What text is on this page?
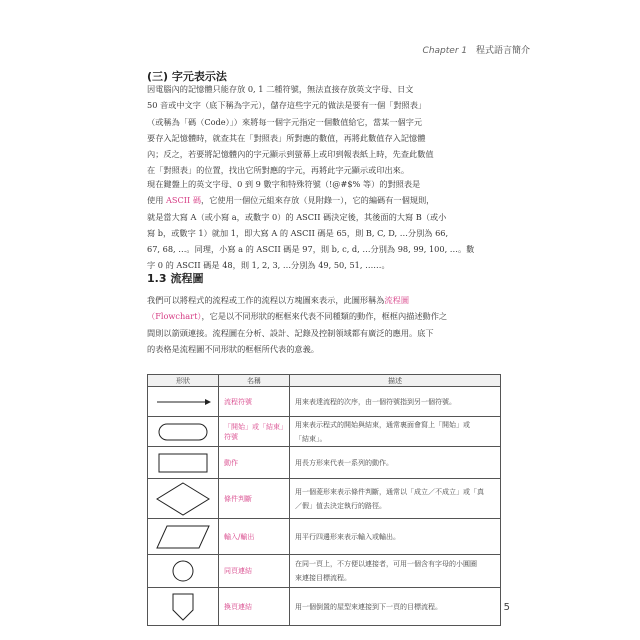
Chapter 1 程式語言簡介
(三) 字元表示法
因電腦內的記憶體只能存放 0, 1 二種符號，無法直接存放英文字母、日文
50 音或中文字（底下稱為字元），儲存這些字元的做法是要有一個「對照表」
（或稱為「碼（Code）」）來將每一個字元指定一個數值給它，當某一個字元
要存入記憶體時，就查其在「對照表」所對應的數值，再將此數值存入記憶體
內；反之，若要將記憶體內的字元顯示到螢幕上或印到報表紙上時，先查此數值
在「對照表」的位置，找出它所對應的字元，再將此字元顯示或印出來。
現在鍵盤上的英文字母、0 到 9 數字和特殊符號（!@#$% 等）的對照表是
使用 ASCII 碼，它使用一個位元組來存放（見附錄一），它的編碼有一個規則，
就是當大寫 A（或小寫 a，或數字 0）的 ASCII 碼決定後，其後面的大寫 B（或小
寫 b，或數字 1）就加 1，即大寫 A 的 ASCII 碼是 65，則 B, C, D, …分別為 66,
67, 68, …。同理，小寫 a 的 ASCII 碼是 97，則 b, c, d, …分別為 98, 99, 100, …。數
字 0 的 ASCII 碼是 48，則 1, 2, 3, …分別為 49, 50, 51, ……。
1.3 流程圖
我們可以將程式的流程或工作的流程以方塊圖來表示，此圖形稱為流程圖
（Flowchart），它是以不同形狀的框框來代表不同種類的動作，框框內描述動作之
間則以箭頭連接。流程圖在分析、設計、記錄及控制領域都有廣泛的應用。底下
的表格是流程圖不同形狀的框框所代表的意義。
形狀	名稱	描述

	流程符號	用來表達流程的次序，由一個符號指到另一個符號。

	「開始」或「結束」符號	用來表示程式的開始與結束，通常裏面會寫上「開始」或
「結束」。

	動作	用長方形來代表一系列的動作。

	條件判斷	用一個菱形來表示條件判斷，通常以「成立／不成立」或「真
／假」值去決定執行的路徑。

	輸入/輸出	用平行四邊形來表示輸入或輸出。

	同頁連結	在同一頁上，不方便以連接者，可用一個含有字母的小圓圈
來連接目標流程。

	換頁連結	用一個倒置的屋型來連接到下一頁的目標流程。	5
